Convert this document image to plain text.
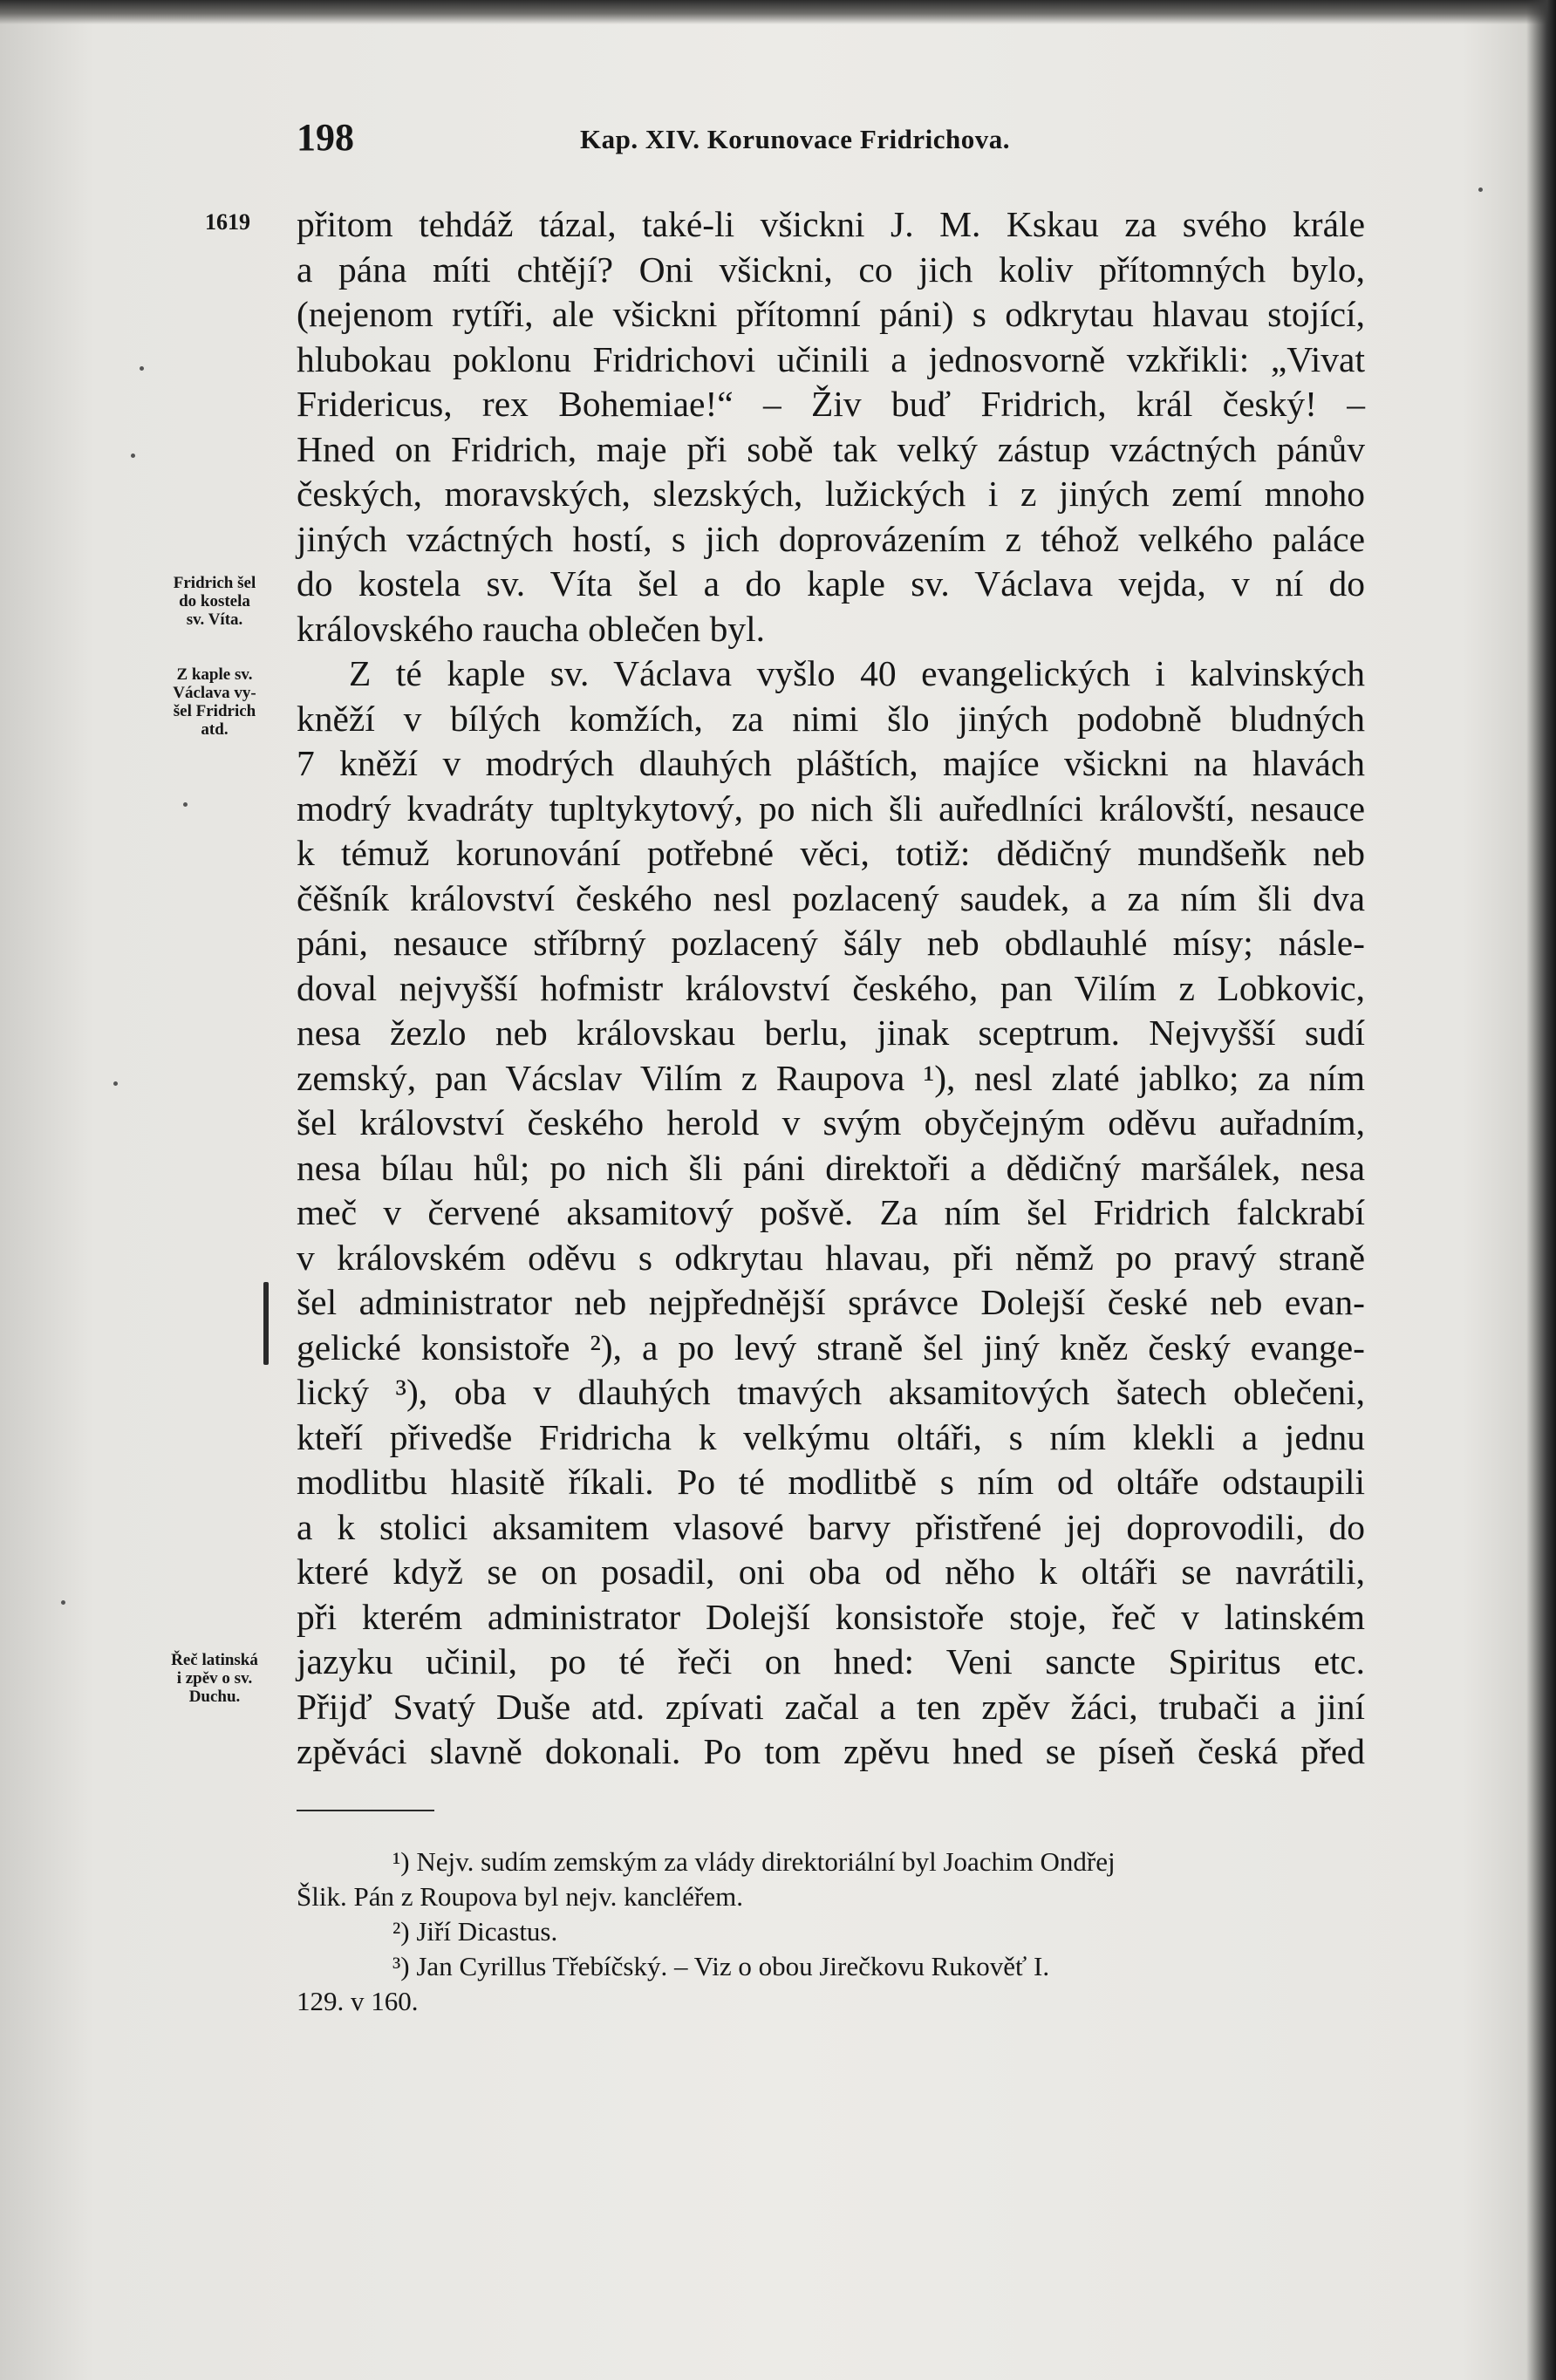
198	Kap. XIV. Korunovace Fridrichova.
1619
Fridrich šel
do kostela
sv. Víta.
Z kaple sv.
Václava vy-
šel Fridrich
atd.
Řeč latinská
i zpěv o sv.
Duchu.
přitom tehdáž tázal, také-li všickni J. M. Kskau za svého krále
a pána míti chtějí? Oni všickni, co jich koliv přítomných bylo,
(nejenom rytíři, ale všickni přítomní páni) s odkrytau hlavau stojící,
hlubokau poklonu Fridrichovi učinili a jednosvorně vzkřikli: „Vivat
Fridericus, rex Bohemiae!“ – Živ buď Fridrich, král český! –
Hned on Fridrich, maje při sobě tak velký zástup vzáctných pánův
českých, moravských, slezských, lužických i z jiných zemí mnoho
jiných vzáctných hostí, s jich doprovázením z téhož velkého paláce
do kostela sv. Víta šel a do kaple sv. Václava vejda, v ní do
královského raucha oblečen byl.
Z té kaple sv. Václava vyšlo 40 evangelických i kalvinských
kněží v bílých komžích, za nimi šlo jiných podobně bludných
7 kněží v modrých dlauhých pláštích, majíce všickni na hlavách
modrý kvadráty tupltykytový, po nich šli auředlníci královští, nesauce
k témuž korunování potřebné věci, totiž: dědičný mundšeňk neb
čěšník království českého nesl pozlacený saudek, a za ním šli dva
páni, nesauce stříbrný pozlacený šály neb obdlauhlé mísy; násle-
doval nejvyšší hofmistr království českého, pan Vilím z Lobkovic,
nesa žezlo neb královskau berlu, jinak sceptrum. Nejvyšší sudí
zemský, pan Vácslav Vilím z Raupova ¹), nesl zlaté jablko; za ním
šel království českého herold v svým obyčejným oděvu auřadním,
nesa bílau hůl; po nich šli páni direktoři a dědičný maršálek, nesa
meč v červené aksamitový pošvě. Za ním šel Fridrich falckrabí
v královském oděvu s odkrytau hlavau, při němž po pravý straně
šel administrator neb nejpřednější správce Dolejší české neb evan-
gelické konsistoře ²), a po levý straně šel jiný kněz český evange-
lický ³), oba v dlauhých tmavých aksamitových šatech oblečeni,
kteří přivedše Fridricha k velkýmu oltáři, s ním klekli a jednu
modlitbu hlasitě říkali. Po té modlitbě s ním od oltáře odstaupili
a k stolici aksamitem vlasové barvy přistřené jej doprovodili, do
které když se on posadil, oni oba od něho k oltáři se navrátili,
při kterém administrator Dolejší konsistoře stoje, řeč v latinském
jazyku učinil, po té řeči on hned: Veni sancte Spiritus etc.
Přijď Svatý Duše atd. zpívati začal a ten zpěv žáci, trubači a jiní
zpěváci slavně dokonali. Po tom zpěvu hned se píseň česká před
¹) Nejv. sudím zemským za vlády direktoriální byl Joachim Ondřej
Šlik. Pán z Roupova byl nejv. kancléřem.
²) Jiří Dicastus.
³) Jan Cyrillus Třebíčský. – Viz o obou Jirečkovu Rukověť I.
129. v 160.
